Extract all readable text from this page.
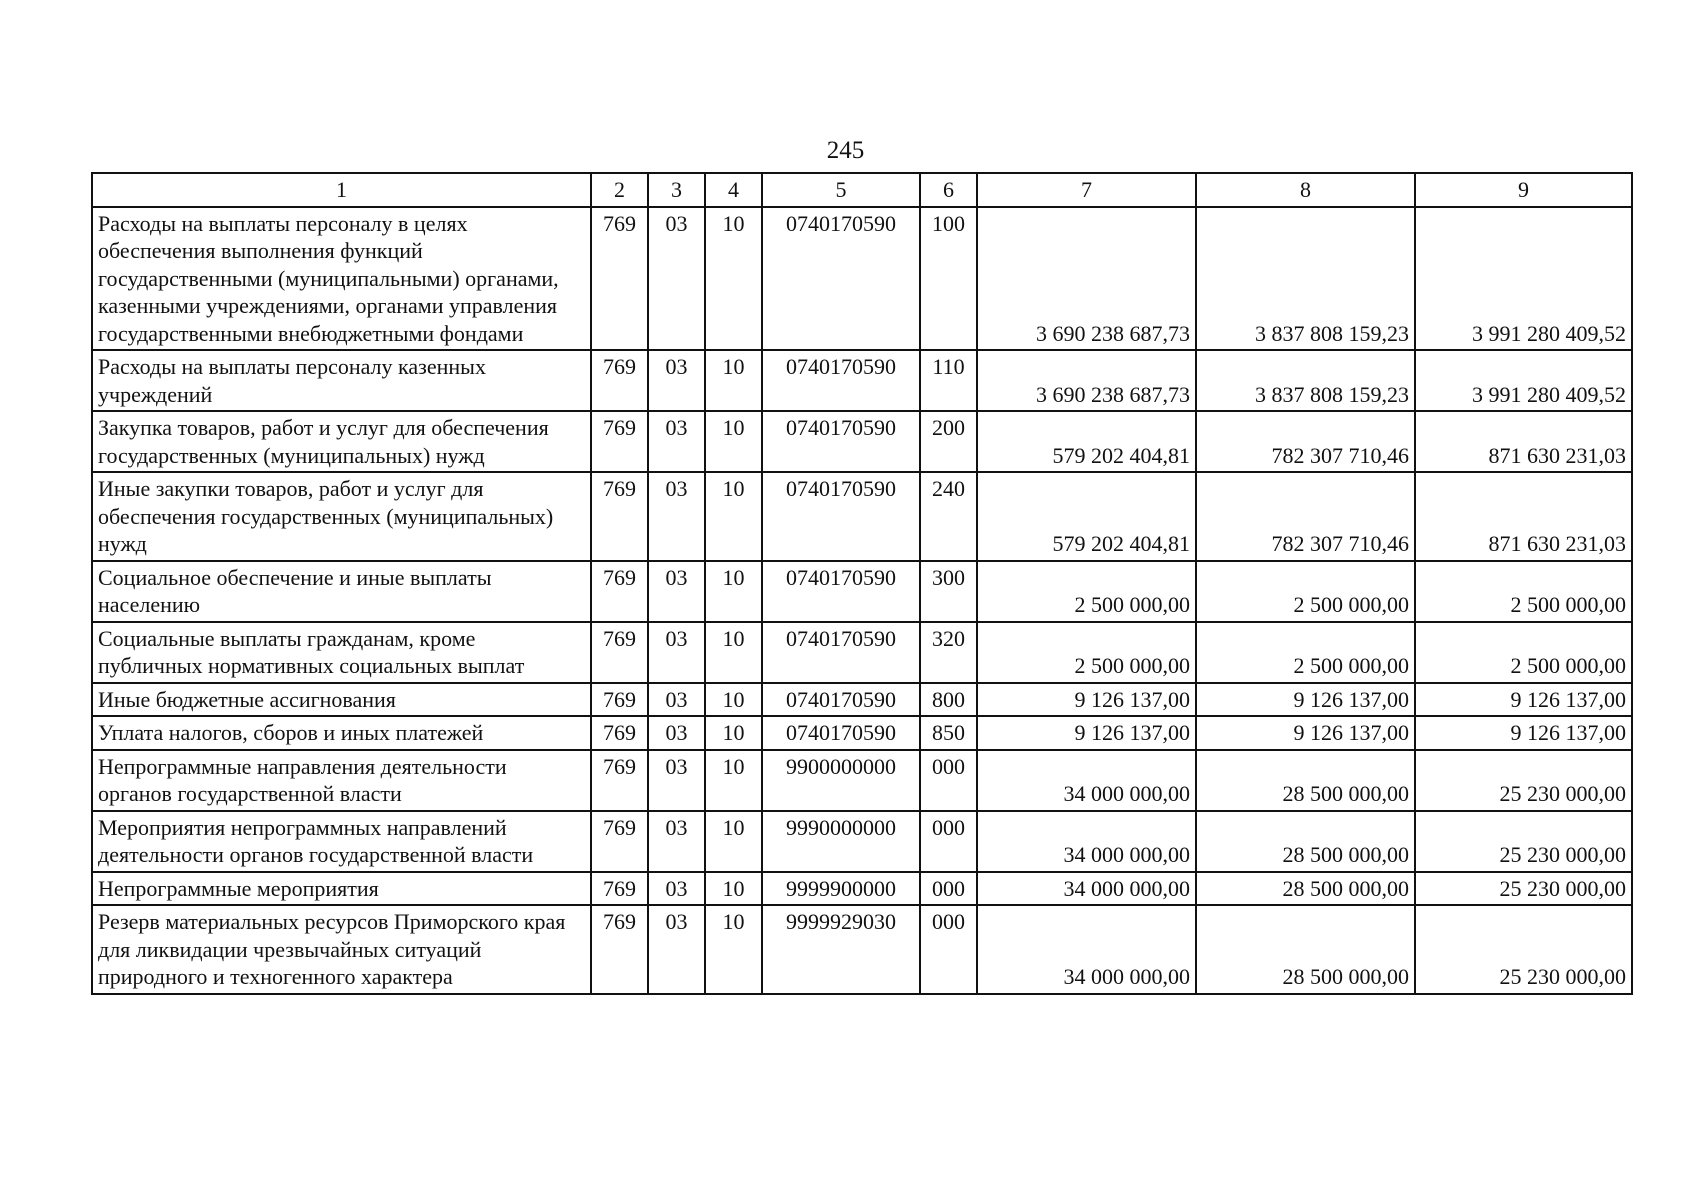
245
1	2	3	4	5	6	7	8	9
Расходы на выплаты персоналу в целях обеспечения выполнения функций государственными (муниципальными) органами, казенными учреждениями, органами управления государственными внебюджетными фондами	769	03	10	0740170590	100	3 690 238 687,73	3 837 808 159,23	3 991 280 409,52
Расходы на выплаты персоналу казенных учреждений	769	03	10	0740170590	110	3 690 238 687,73	3 837 808 159,23	3 991 280 409,52
Закупка товаров, работ и услуг для обеспечения государственных (муниципальных) нужд	769	03	10	0740170590	200	579 202 404,81	782 307 710,46	871 630 231,03
Иные закупки товаров, работ и услуг для обеспечения государственных (муниципальных) нужд	769	03	10	0740170590	240	579 202 404,81	782 307 710,46	871 630 231,03
Социальное обеспечение и иные выплаты населению	769	03	10	0740170590	300	2 500 000,00	2 500 000,00	2 500 000,00
Социальные выплаты гражданам, кроме публичных нормативных социальных выплат	769	03	10	0740170590	320	2 500 000,00	2 500 000,00	2 500 000,00
Иные бюджетные ассигнования	769	03	10	0740170590	800	9 126 137,00	9 126 137,00	9 126 137,00
Уплата налогов, сборов и иных платежей	769	03	10	0740170590	850	9 126 137,00	9 126 137,00	9 126 137,00
Непрограммные направления деятельности органов государственной власти	769	03	10	9900000000	000	34 000 000,00	28 500 000,00	25 230 000,00
Мероприятия непрограммных направлений деятельности органов государственной власти	769	03	10	9990000000	000	34 000 000,00	28 500 000,00	25 230 000,00
Непрограммные мероприятия	769	03	10	9999900000	000	34 000 000,00	28 500 000,00	25 230 000,00
Резерв материальных ресурсов Приморского края для ликвидации чрезвычайных ситуаций природного и техногенного характера	769	03	10	9999929030	000	34 000 000,00	28 500 000,00	25 230 000,00
